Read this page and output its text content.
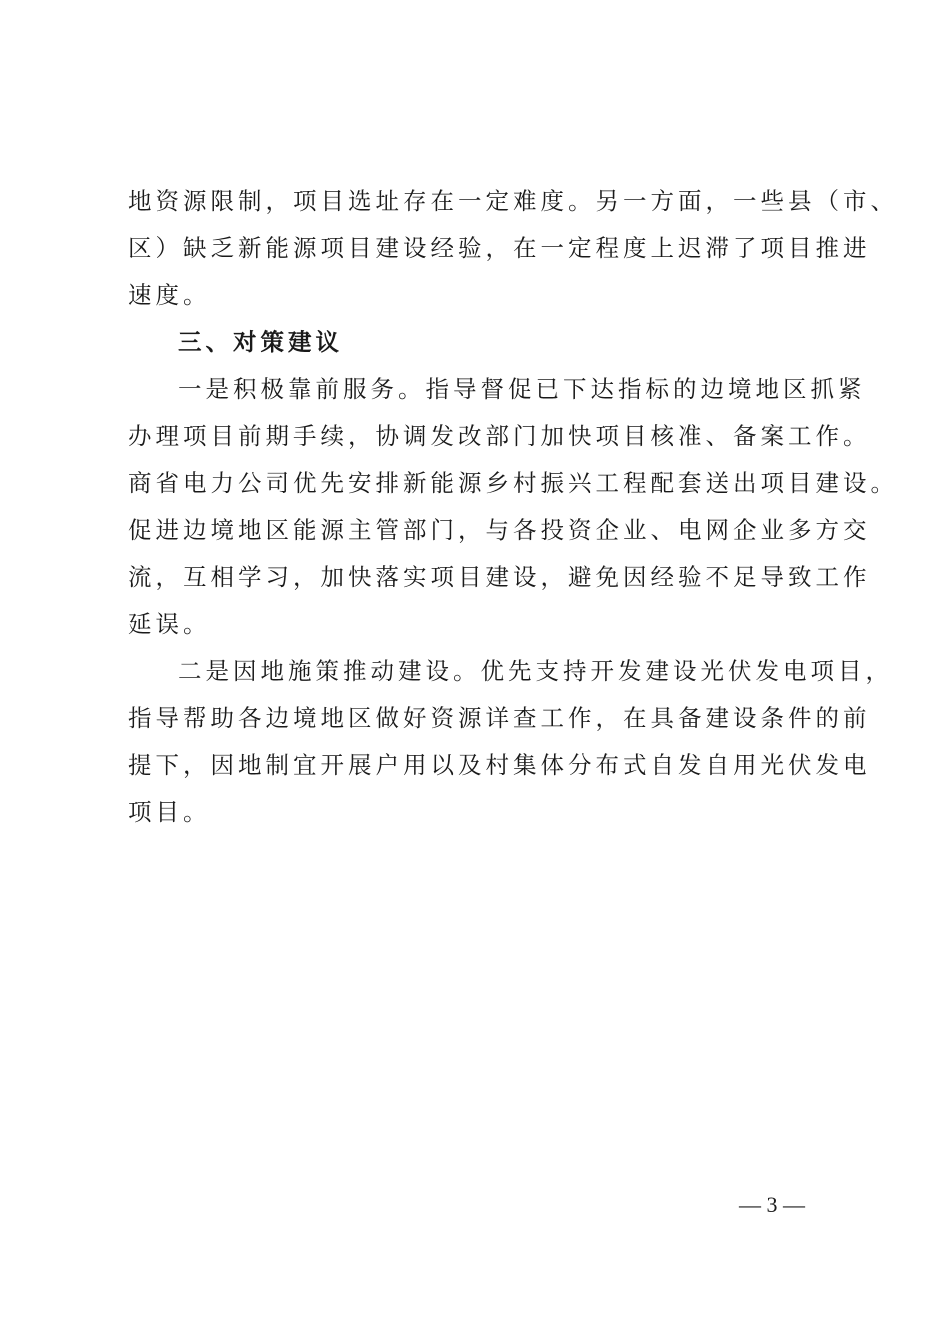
地资源限制，项目选址存在一定难度。另一方面，一些县（市、
区）缺乏新能源项目建设经验，在一定程度上迟滞了项目推进
速度。
三、对策建议
一是积极靠前服务。指导督促已下达指标的边境地区抓紧
办理项目前期手续，协调发改部门加快项目核准、备案工作。
商省电力公司优先安排新能源乡村振兴工程配套送出项目建设。
促进边境地区能源主管部门，与各投资企业、电网企业多方交
流，互相学习，加快落实项目建设，避免因经验不足导致工作
延误。
二是因地施策推动建设。优先支持开发建设光伏发电项目，
指导帮助各边境地区做好资源详查工作，在具备建设条件的前
提下，因地制宜开展户用以及村集体分布式自发自用光伏发电
项目。
— 3 —
